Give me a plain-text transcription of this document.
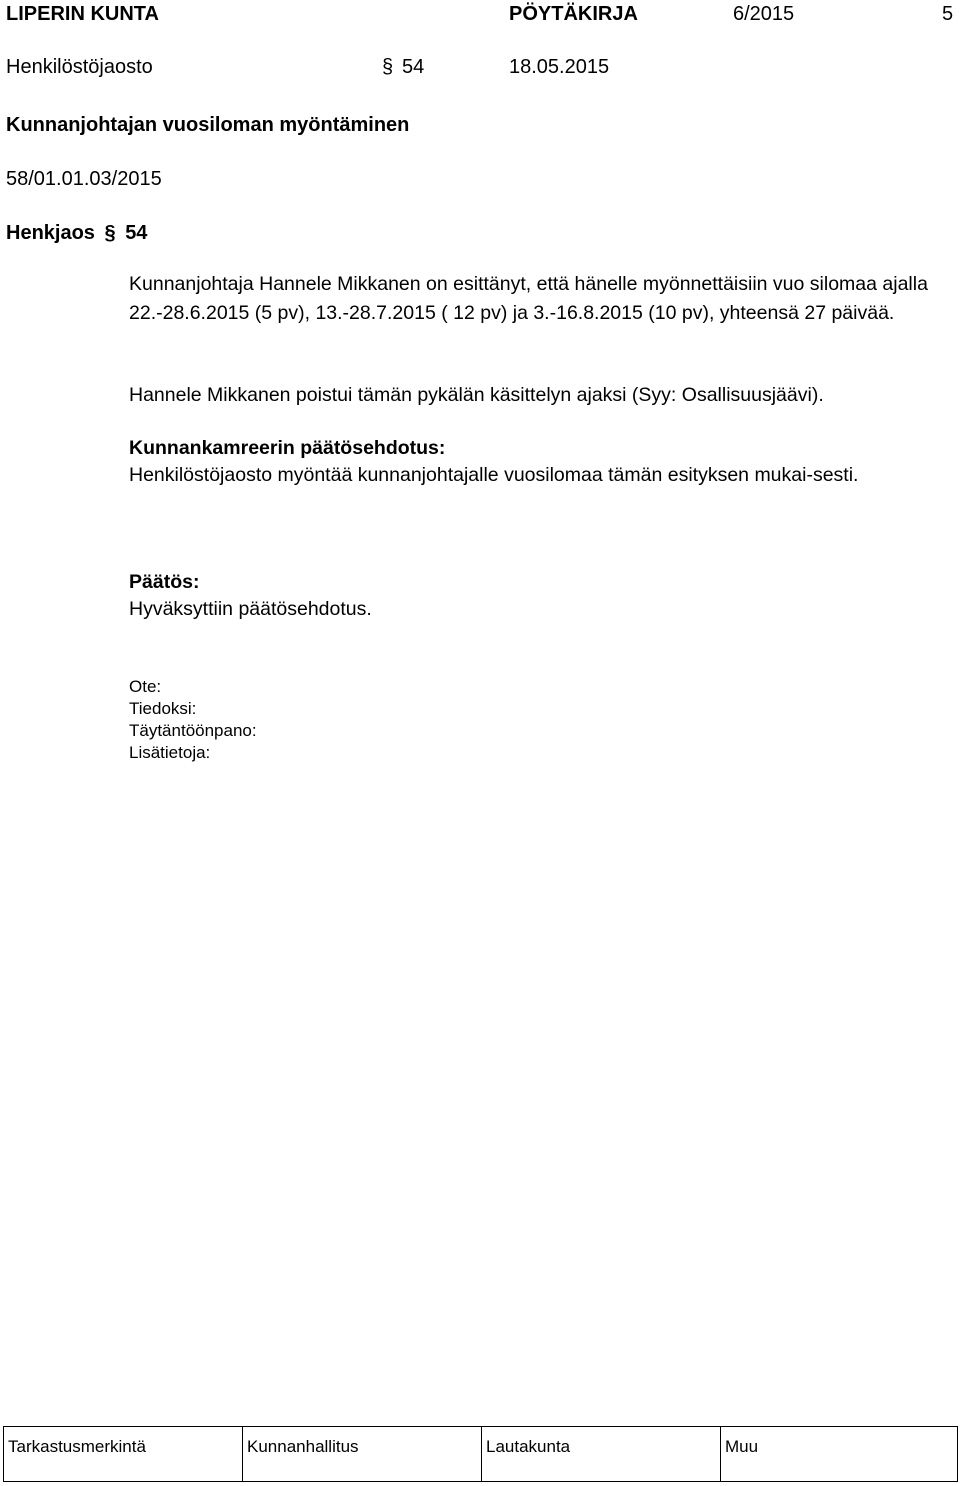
LIPERIN KUNTA	PÖYTÄKIRJA	6/2015	5
Henkilöstöjaosto	§ 54	18.05.2015
Kunnanjohtajan vuosiloman myöntäminen
58/01.01.03/2015
Henkjaos § 54
Kunnanjohtaja Hannele Mikkanen on esittänyt, että hänelle myönnettäisiin vuo silomaa ajalla 22.-28.6.2015 (5 pv), 13.-28.7.2015 ( 12 pv) ja 3.-16.8.2015 (10 pv), yhteensä 27 päivää.
Hannele Mikkanen poistui tämän pykälän käsittelyn ajaksi (Syy: Osallisuusjäävi).
Kunnankamreerin päätösehdotus:
Henkilöstöjaosto myöntää kunnanjohtajalle vuosilomaa tämän esityksen mukai-sesti.
Päätös:
Hyväksyttiin päätösehdotus.
Ote:
Tiedoksi:
Täytäntöönpano:
Lisätietoja:
Tarkastusmerkintä	Kunnanhallitus	Lautakunta	Muu
